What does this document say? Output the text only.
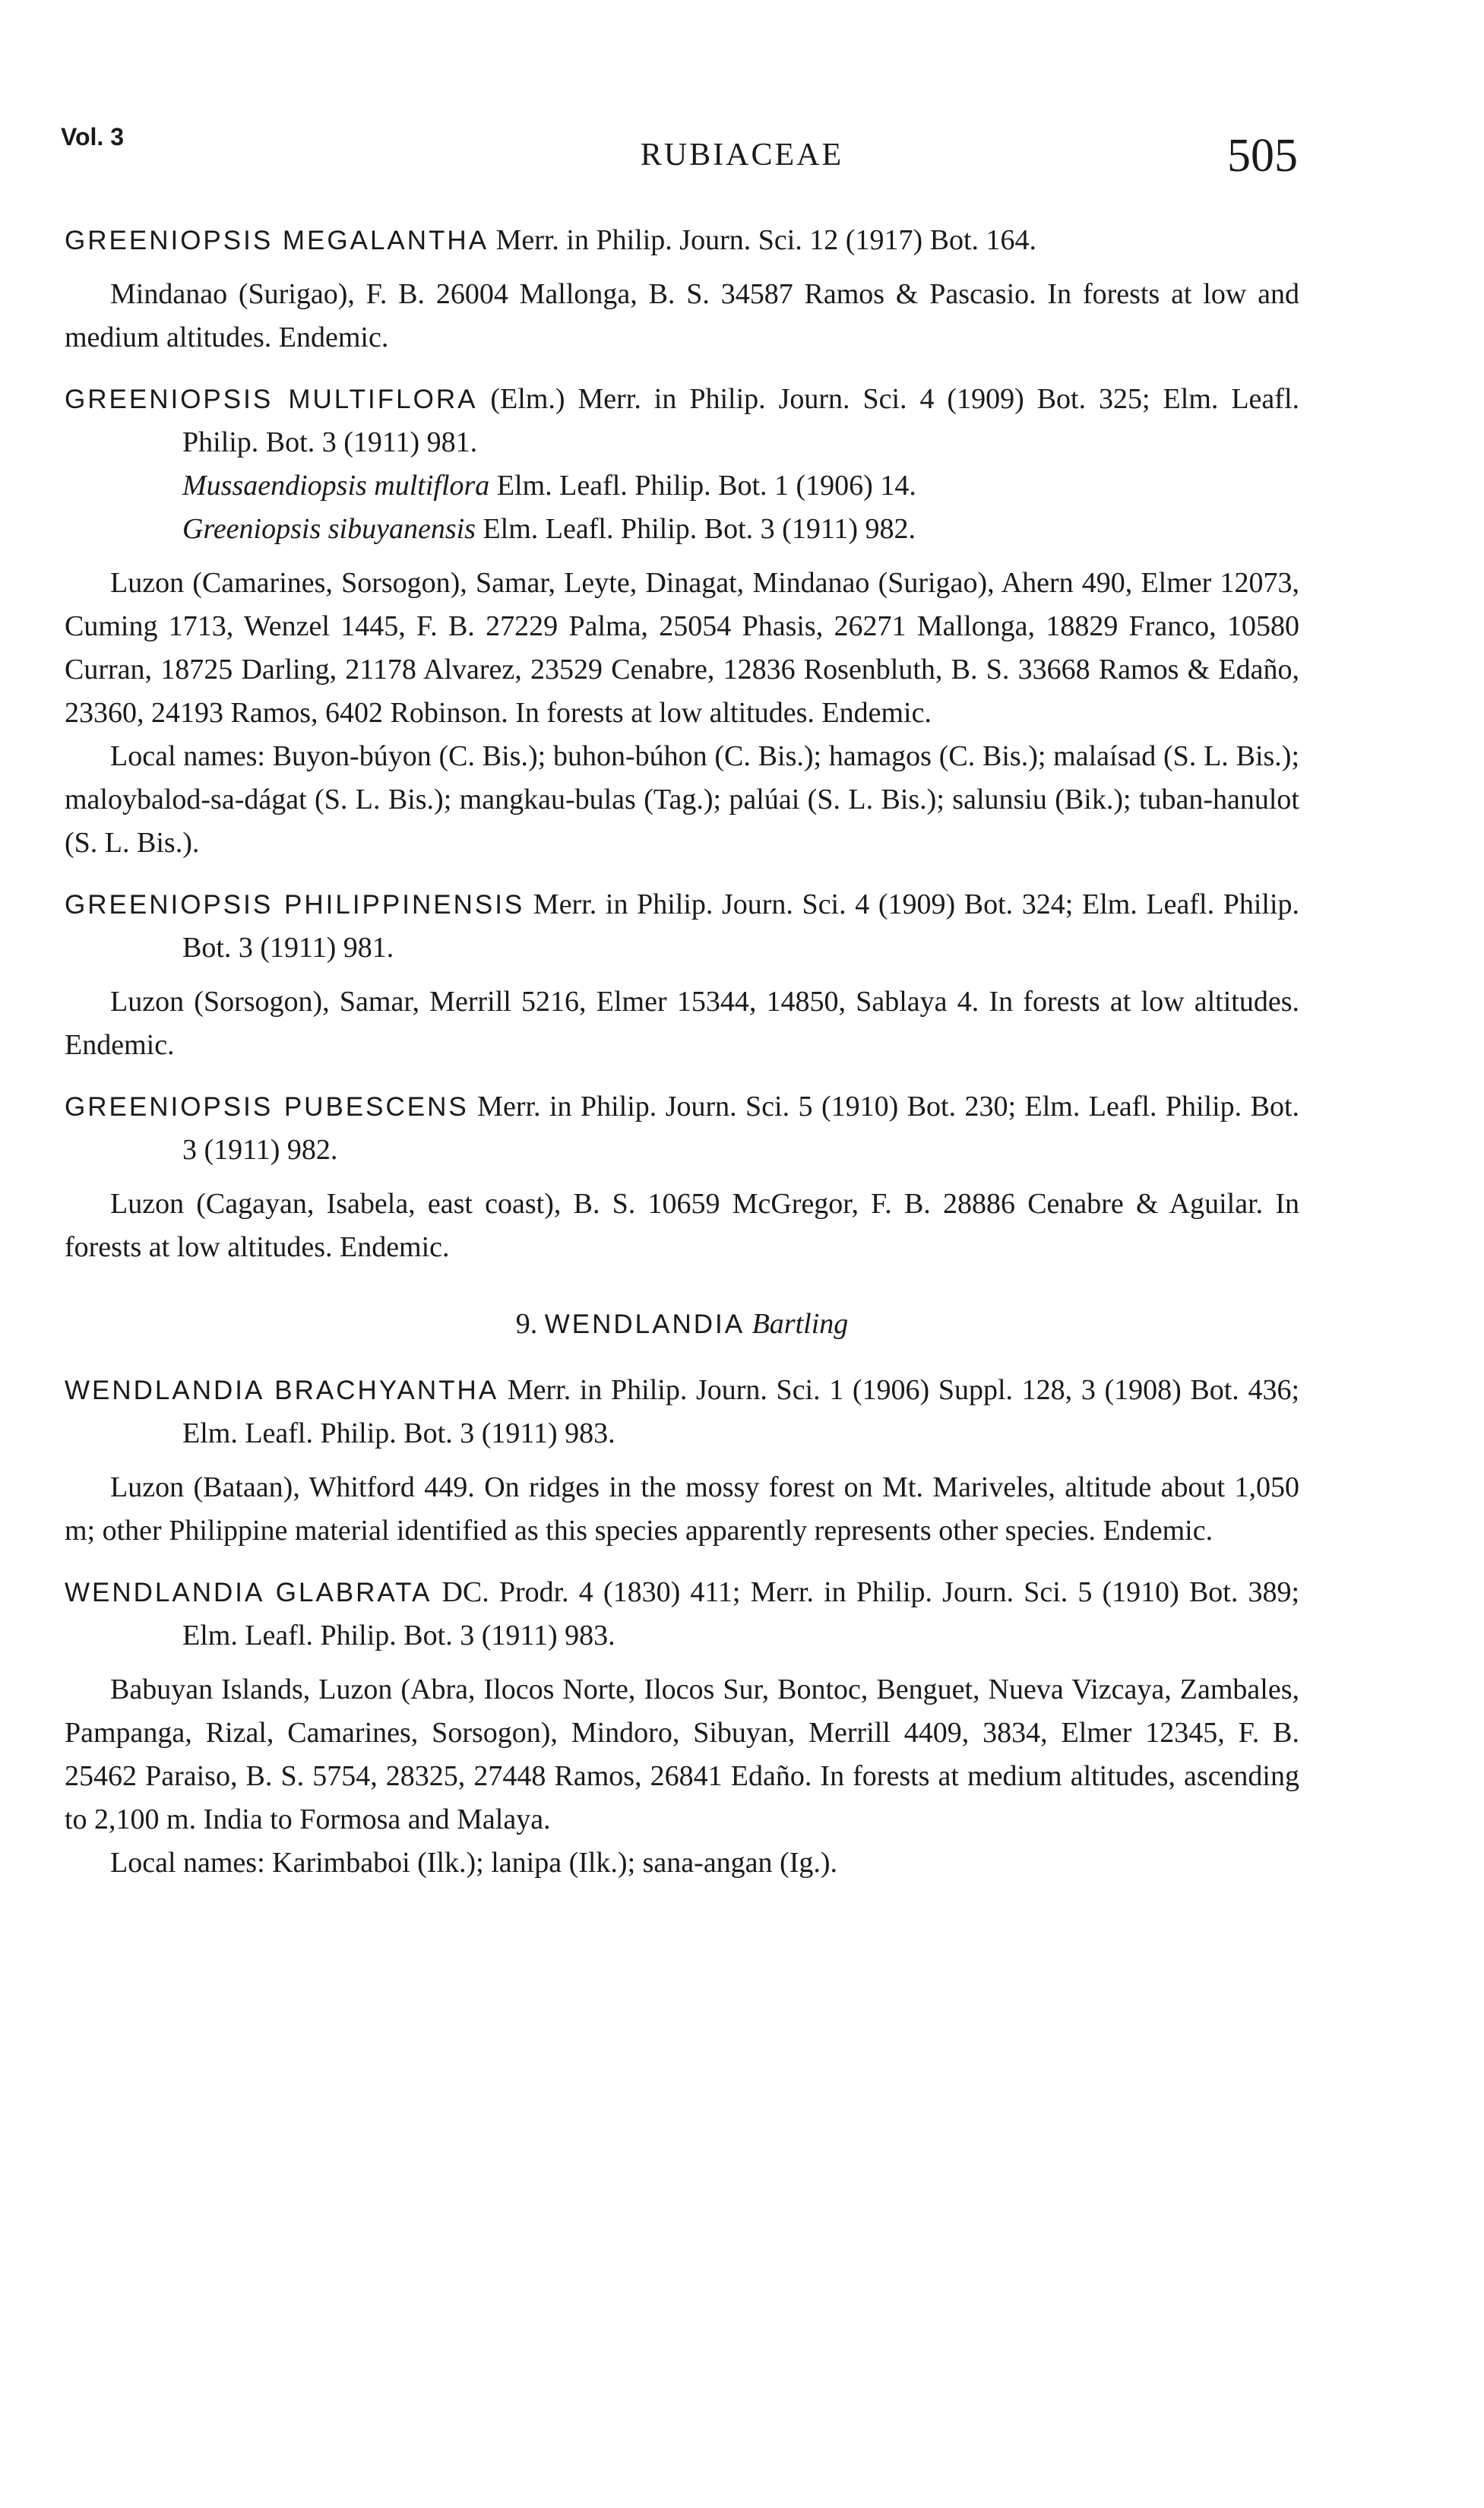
Vol. 3
RUBIACEAE	505
GREENIOPSIS MEGALANTHA Merr. in Philip. Journ. Sci. 12 (1917) Bot. 164.
Mindanao (Surigao), F. B. 26004 Mallonga, B. S. 34587 Ramos & Pascasio. In forests at low and medium altitudes. Endemic.
GREENIOPSIS MULTIFLORA (Elm.) Merr. in Philip. Journ. Sci. 4 (1909) Bot. 325; Elm. Leafl. Philip. Bot. 3 (1911) 981.
Mussaendiopsis multiflora Elm. Leafl. Philip. Bot. 1 (1906) 14.
Greeniopsis sibuyanensis Elm. Leafl. Philip. Bot. 3 (1911) 982.
Luzon (Camarines, Sorsogon), Samar, Leyte, Dinagat, Mindanao (Surigao), Ahern 490, Elmer 12073, Cuming 1713, Wenzel 1445, F. B. 27229 Palma, 25054 Phasis, 26271 Mallonga, 18829 Franco, 10580 Curran, 18725 Darling, 21178 Alvarez, 23529 Cenabre, 12836 Rosenbluth, B. S. 33668 Ramos & Edaño, 23360, 24193 Ramos, 6402 Robinson. In forests at low altitudes. Endemic.
Local names: Buyon-búyon (C. Bis.); buhon-búhon (C. Bis.); hamagos (C. Bis.); malaísad (S. L. Bis.); maloybalod-sa-dágat (S. L. Bis.); mangkau-bulas (Tag.); palúai (S. L. Bis.); salunsiu (Bik.); tuban-hanulot (S. L. Bis.).
GREENIOPSIS PHILIPPINENSIS Merr. in Philip. Journ. Sci. 4 (1909) Bot. 324; Elm. Leafl. Philip. Bot. 3 (1911) 981.
Luzon (Sorsogon), Samar, Merrill 5216, Elmer 15344, 14850, Sablaya 4. In forests at low altitudes. Endemic.
GREENIOPSIS PUBESCENS Merr. in Philip. Journ. Sci. 5 (1910) Bot. 230; Elm. Leafl. Philip. Bot. 3 (1911) 982.
Luzon (Cagayan, Isabela, east coast), B. S. 10659 McGregor, F. B. 28886 Cenabre & Aguilar. In forests at low altitudes. Endemic.
9. WENDLANDIA Bartling
WENDLANDIA BRACHYANTHA Merr. in Philip. Journ. Sci. 1 (1906) Suppl. 128, 3 (1908) Bot. 436; Elm. Leafl. Philip. Bot. 3 (1911) 983.
Luzon (Bataan), Whitford 449. On ridges in the mossy forest on Mt. Mariveles, altitude about 1,050 m; other Philippine material identified as this species apparently represents other species. Endemic.
WENDLANDIA GLABRATA DC. Prodr. 4 (1830) 411; Merr. in Philip. Journ. Sci. 5 (1910) Bot. 389; Elm. Leafl. Philip. Bot. 3 (1911) 983.
Babuyan Islands, Luzon (Abra, Ilocos Norte, Ilocos Sur, Bontoc, Benguet, Nueva Vizcaya, Zambales, Pampanga, Rizal, Camarines, Sorsogon), Mindoro, Sibuyan, Merrill 4409, 3834, Elmer 12345, F. B. 25462 Paraiso, B. S. 5754, 28325, 27448 Ramos, 26841 Edaño. In forests at medium altitudes, ascending to 2,100 m. India to Formosa and Malaya.
Local names: Karimbaboi (Ilk.); lanipa (Ilk.); sana-angan (Ig.).
